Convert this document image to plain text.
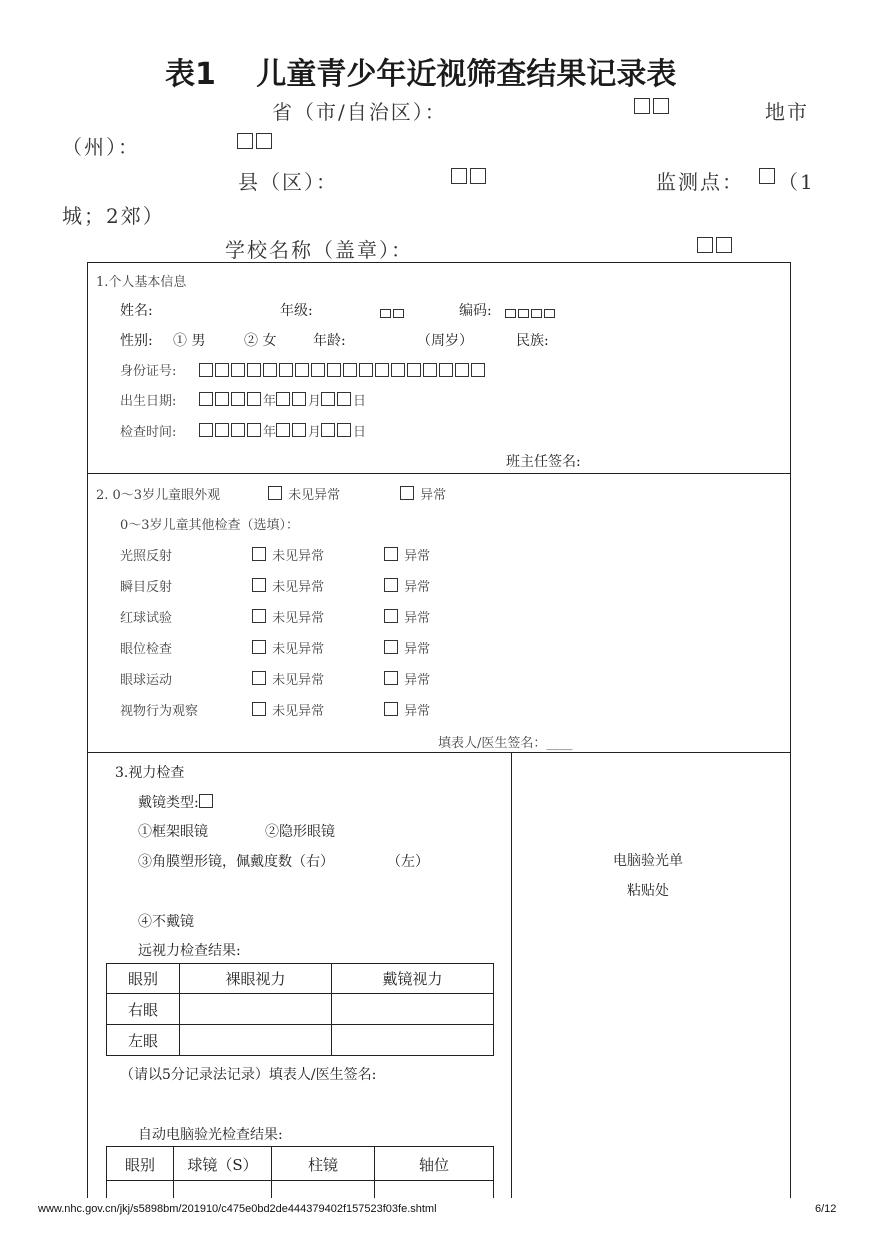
表1　 儿童青少年近视筛查结果记录表
省（市/自治区）：	地市
（州）：
县（区）：	监测点： （1
城；2郊）
学校名称（盖章）：
1.个人基本信息
姓名:	年级:	编码:
性别: ① 男	② 女	年龄:	（周岁）	民族:
身份证号:
出生日期:	年 月 日
检查时间:	年 月 日
班主任签名:
2. 0～3岁儿童眼外观	未见异常	异常
0～3岁儿童其他检查（选填）：
光照反射	未见异常	异常
瞬目反射	未见异常	异常
红球试验	未见异常	异常
眼位检查	未见异常	异常
眼球运动	未见异常	异常
视物行为观察	未见异常	异常
填表人/医生签名：____
3.视力检查
戴镜类型:
①框架眼镜	②隐形眼镜
③角膜塑形镜，佩戴度数（右）	（左）
④不戴镜
远视力检查结果:
眼别	裸眼视力	戴镜视力
右眼		
左眼		
（请以5分记录法记录）填表人/医生签名:
自动电脑验光检查结果:
眼别	球镜（S）	柱镜	轴位

电脑验光单
粘贴处
www.nhc.gov.cn/jkj/s5898bm/201910/c475e0bd2de444379402f157523f03fe.shtml	6/12
